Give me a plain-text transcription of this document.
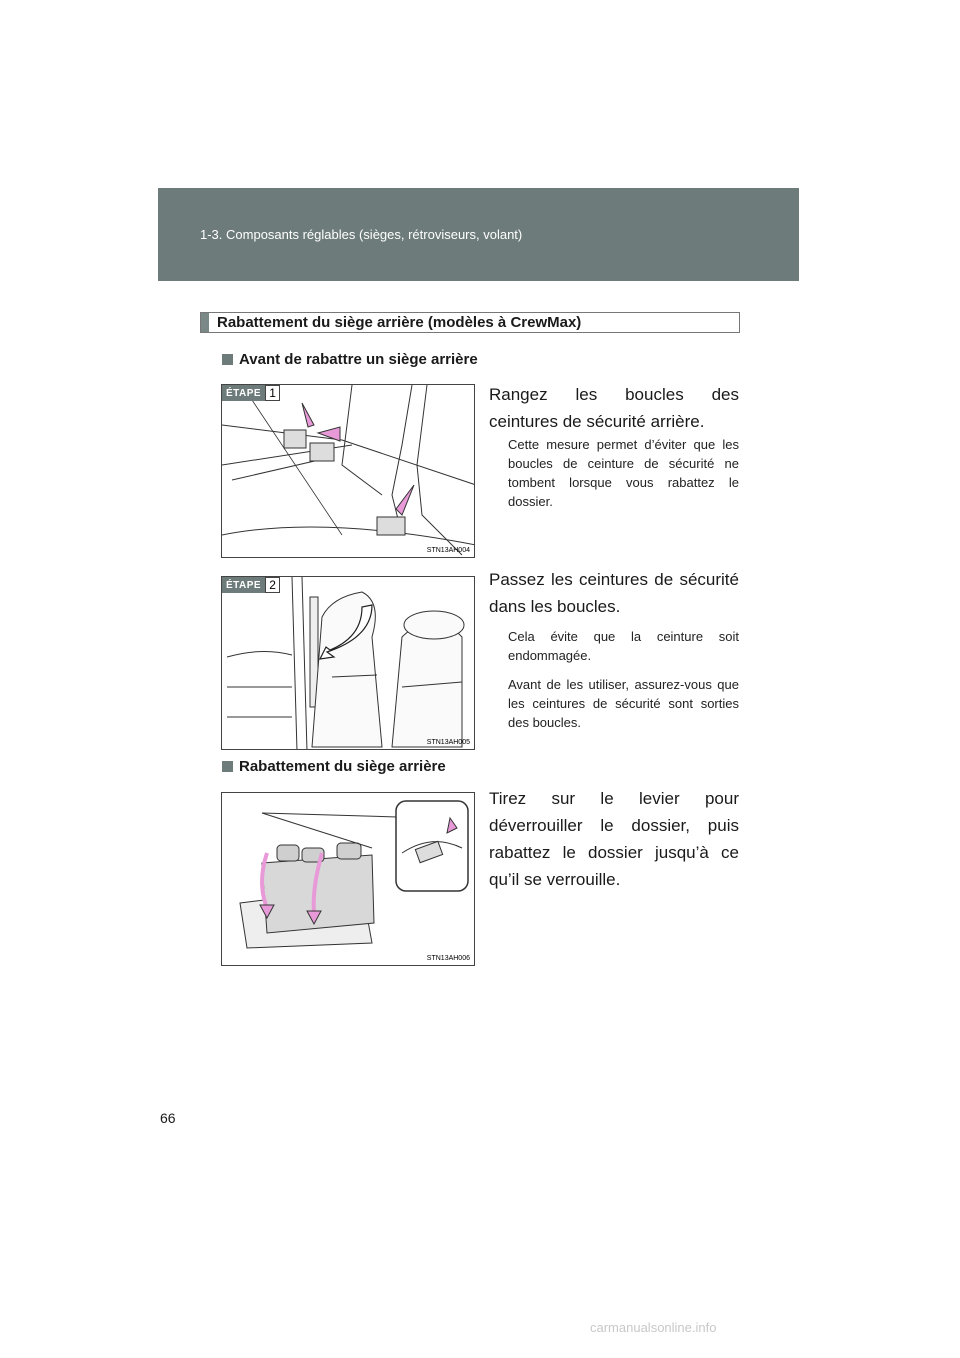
1-3. Composants réglables (sièges, rétroviseurs, volant)
Rabattement du siège arrière (modèles à CrewMax)
Avant de rabattre un siège arrière
ÉTAPE 1
STN13AH004
Rangez les boucles des ceintures de sécurité arrière.
Cette mesure permet d’éviter que les boucles de ceinture de sécurité ne tombent lorsque vous rabattez le dossier.
ÉTAPE 2
STN13AH005
Passez les ceintures de sécurité dans les boucles.
Cela évite que la ceinture soit endommagée.
Avant de les utiliser, assurez-vous que les ceintures de sécurité sont sorties des boucles.
Rabattement du siège arrière
STN13AH006
Tirez sur le levier pour déverrouiller le dossier, puis rabattez le dossier jusqu’à ce qu’il se verrouille.
66
carmanualsonline.info
